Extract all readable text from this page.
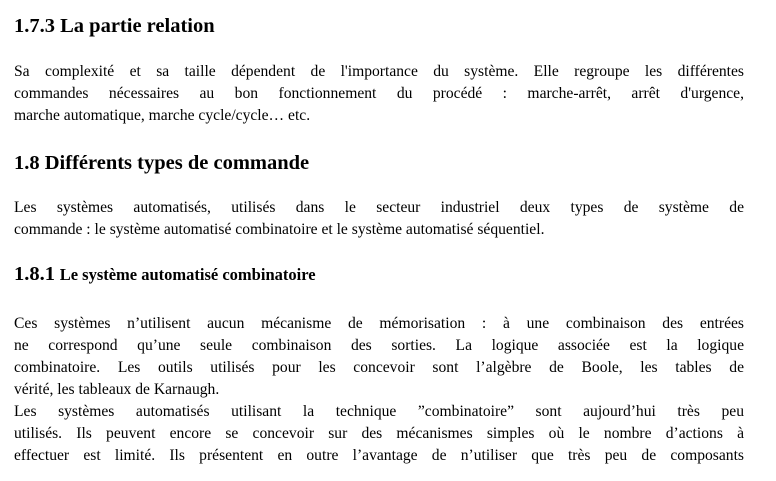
1.7.3 La partie relation

Sa complexité et sa taille dépendent de l'importance du système. Elle regroupe les différentes
commandes nécessaires au bon fonctionnement du procédé : marche-arrêt, arrêt d'urgence,
marche automatique, marche cycle/cycle… etc.

1.8 Différents types de commande

Les systèmes automatisés, utilisés dans le secteur industriel deux types de système de
commande : le système automatisé combinatoire et le système automatisé séquentiel.

1.8.1 Le système automatisé combinatoire

Ces systèmes n’utilisent aucun mécanisme de mémorisation : à une combinaison des entrées
ne correspond qu’une seule combinaison des sorties. La logique associée est la logique
combinatoire. Les outils utilisés pour les concevoir sont l’algèbre de Boole, les tables de
vérité, les tableaux de Karnaugh.
Les systèmes automatisés utilisant la technique ”combinatoire” sont aujourd’hui très peu
utilisés. Ils peuvent encore se concevoir sur des mécanismes simples où le nombre d’actions à
effectuer est limité. Ils présentent en outre l’avantage de n’utiliser que très peu de composants
